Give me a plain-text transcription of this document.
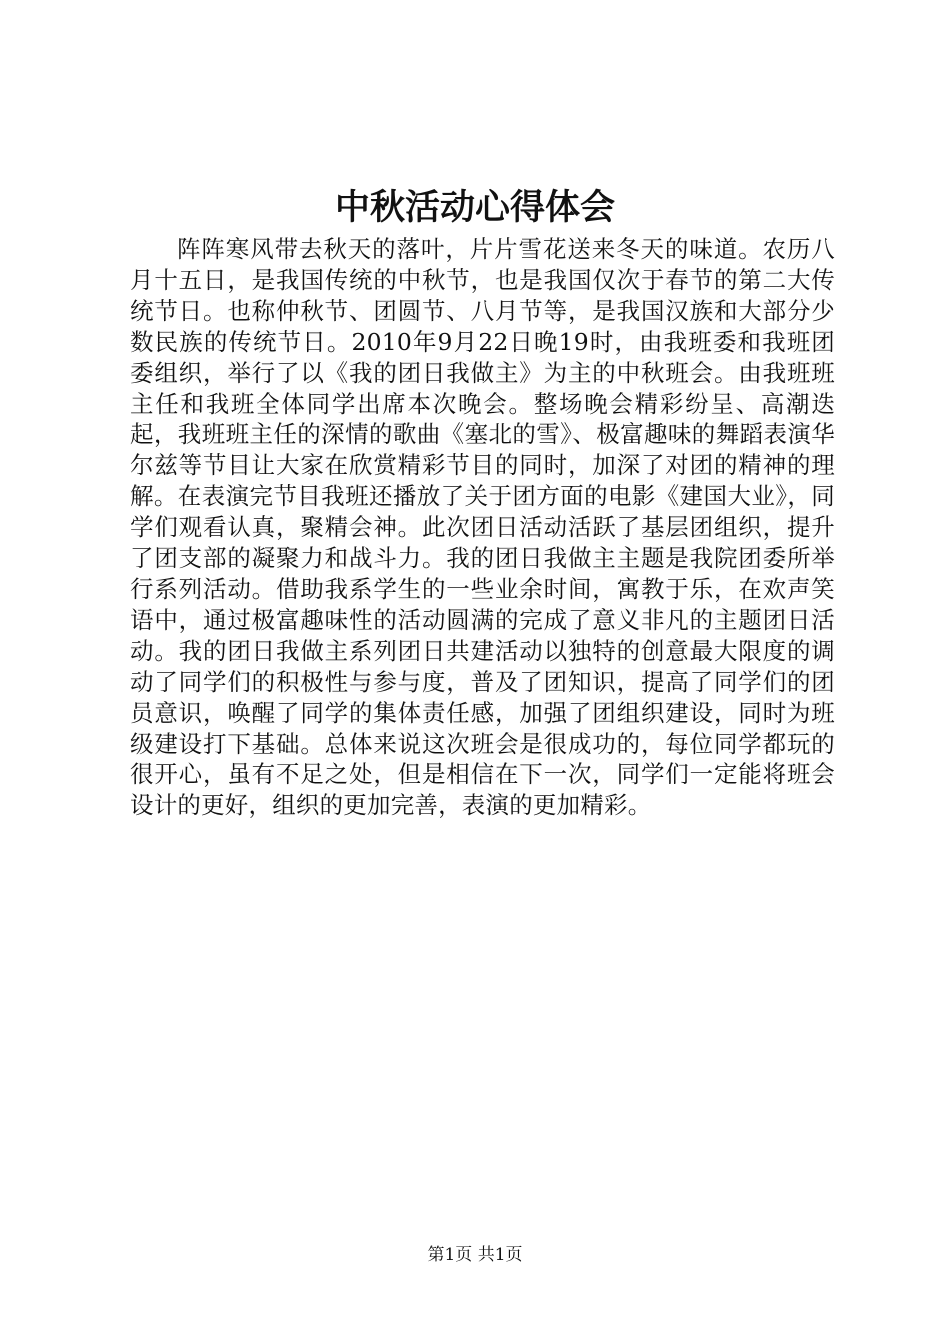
中秋活动心得体会

阵阵寒风带去秋天的落叶，片片雪花送来冬天的味道。农历八月十五日，是我国传统的中秋节，也是我国仅次于春节的第二大传统节日。也称仲秋节、团圆节、八月节等，是我国汉族和大部分少数民族的传统节日。2010年9月22日晚19时，由我班委和我班团委组织，举行了以《我的团日我做主》为主的中秋班会。由我班班主任和我班全体同学出席本次晚会。整场晚会精彩纷呈、高潮迭起，我班班主任的深情的歌曲《塞北的雪》、极富趣味的舞蹈表演华尔兹等节目让大家在欣赏精彩节目的同时，加深了对团的精神的理解。在表演完节目我班还播放了关于团方面的电影《建国大业》，同学们观看认真，聚精会神。此次团日活动活跃了基层团组织，提升了团支部的凝聚力和战斗力。我的团日我做主主题是我院团委所举行系列活动。借助我系学生的一些业余时间，寓教于乐，在欢声笑语中，通过极富趣味性的活动圆满的完成了意义非凡的主题团日活动。我的团日我做主系列团日共建活动以独特的创意最大限度的调动了同学们的积极性与参与度，普及了团知识，提高了同学们的团员意识，唤醒了同学的集体责任感，加强了团组织建设，同时为班级建设打下基础。总体来说这次班会是很成功的，每位同学都玩的很开心，虽有不足之处，但是相信在下一次，同学们一定能将班会设计的更好，组织的更加完善，表演的更加精彩。

第1页 共1页
